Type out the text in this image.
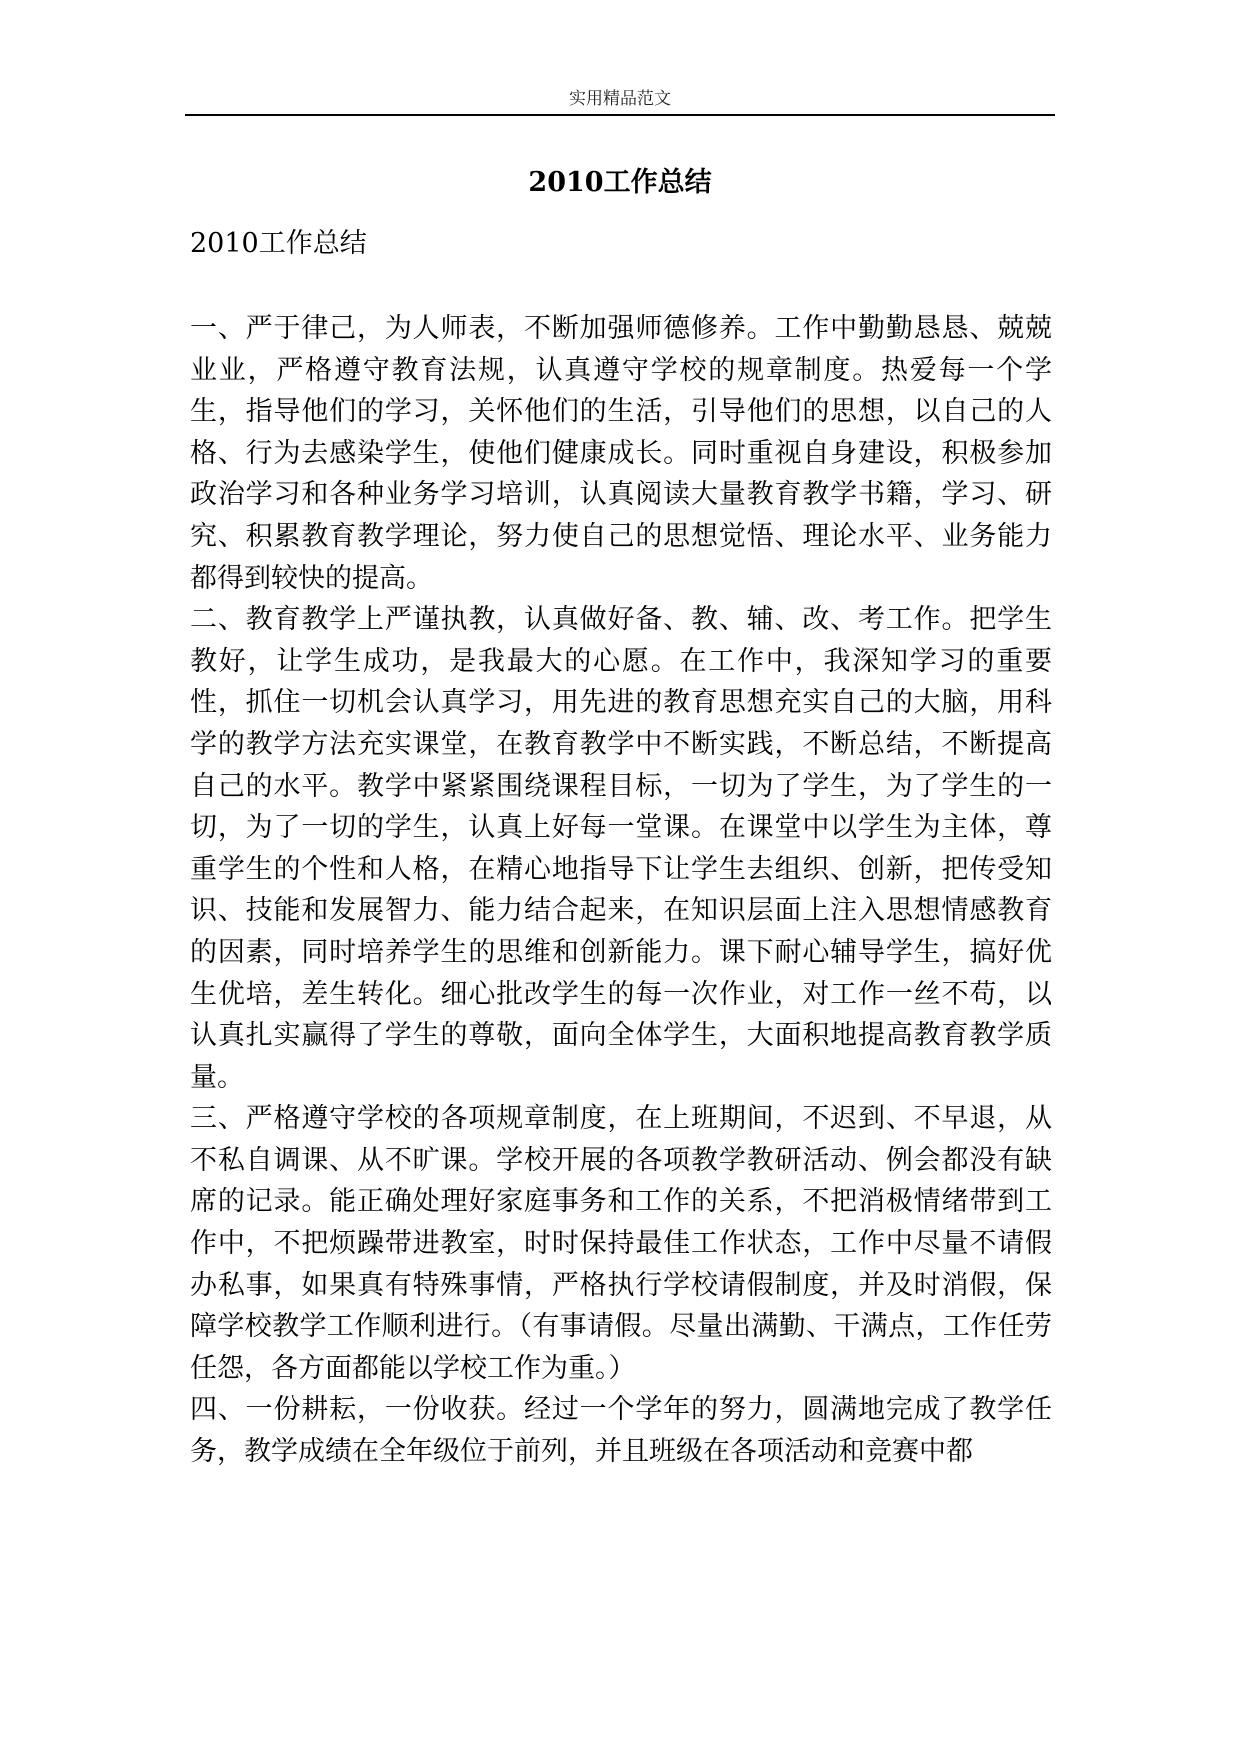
实用精品范文
2010工作总结
2010工作总结

一、严于律己，为人师表，不断加强师德修养。工作中勤勤恳恳、兢兢业业，严格遵守教育法规，认真遵守学校的规章制度。热爱每一个学生，指导他们的学习，关怀他们的生活，引导他们的思想，以自己的人格、行为去感染学生，使他们健康成长。同时重视自身建设，积极参加政治学习和各种业务学习培训，认真阅读大量教育教学书籍，学习、研究、积累教育教学理论，努力使自己的思想觉悟、理论水平、业务能力都得到较快的提高。

二、教育教学上严谨执教，认真做好备、教、辅、改、考工作。把学生教好，让学生成功，是我最大的心愿。在工作中，我深知学习的重要性，抓住一切机会认真学习，用先进的教育思想充实自己的大脑，用科学的教学方法充实课堂，在教育教学中不断实践，不断总结，不断提高自己的水平。教学中紧紧围绕课程目标，一切为了学生，为了学生的一切，为了一切的学生，认真上好每一堂课。在课堂中以学生为主体，尊重学生的个性和人格，在精心地指导下让学生去组织、创新，把传受知识、技能和发展智力、能力结合起来，在知识层面上注入思想情感教育的因素，同时培养学生的思维和创新能力。课下耐心辅导学生，搞好优生优培，差生转化。细心批改学生的每一次作业，对工作一丝不苟，以认真扎实赢得了学生的尊敬，面向全体学生，大面积地提高教育教学质量。

三、严格遵守学校的各项规章制度，在上班期间，不迟到、不早退，从不私自调课、从不旷课。学校开展的各项教学教研活动、例会都没有缺席的记录。能正确处理好家庭事务和工作的关系，不把消极情绪带到工作中，不把烦躁带进教室，时时保持最佳工作状态，工作中尽量不请假办私事，如果真有特殊事情，严格执行学校请假制度，并及时消假，保障学校教学工作顺利进行。（有事请假。尽量出满勤、干满点，工作任劳任怨，各方面都能以学校工作为重。）

四、一份耕耘，一份收获。经过一个学年的努力，圆满地完成了教学任务，教学成绩在全年级位于前列，并且班级在各项活动和竞赛中都
